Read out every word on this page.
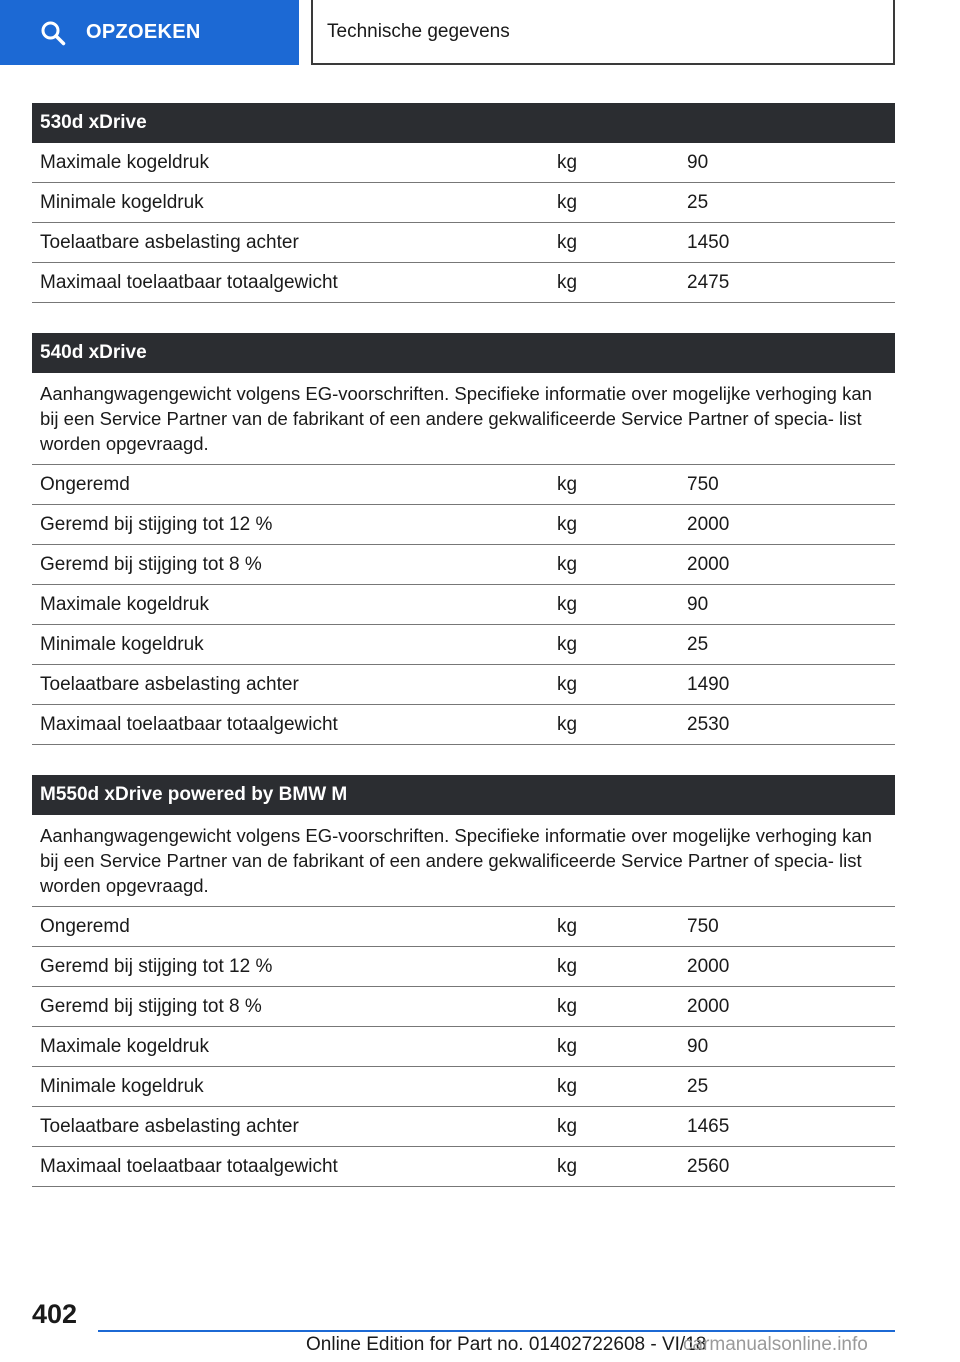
OPZOEKEN	Technische gegevens
530d xDrive
Maximale kogeldruk	kg	90
Minimale kogeldruk	kg	25
Toelaatbare asbelasting achter	kg	1450
Maximaal toelaatbaar totaalgewicht	kg	2475
540d xDrive
Aanhangwagengewicht volgens EG-voorschriften. Specifieke informatie over mogelijke verhoging kan bij een Service Partner van de fabrikant of een andere gekwalificeerde Service Partner of specia- list worden opgevraagd.
Ongeremd	kg	750
Geremd bij stijging tot 12 %	kg	2000
Geremd bij stijging tot 8 %	kg	2000
Maximale kogeldruk	kg	90
Minimale kogeldruk	kg	25
Toelaatbare asbelasting achter	kg	1490
Maximaal toelaatbaar totaalgewicht	kg	2530
M550d xDrive powered by BMW M
Aanhangwagengewicht volgens EG-voorschriften. Specifieke informatie over mogelijke verhoging kan bij een Service Partner van de fabrikant of een andere gekwalificeerde Service Partner of specia- list worden opgevraagd.
Ongeremd	kg	750
Geremd bij stijging tot 12 %	kg	2000
Geremd bij stijging tot 8 %	kg	2000
Maximale kogeldruk	kg	90
Minimale kogeldruk	kg	25
Toelaatbare asbelasting achter	kg	1465
Maximaal toelaatbaar totaalgewicht	kg	2560
402
Online Edition for Part no. 01402722608 - VI/18
carmanualsonline.info
